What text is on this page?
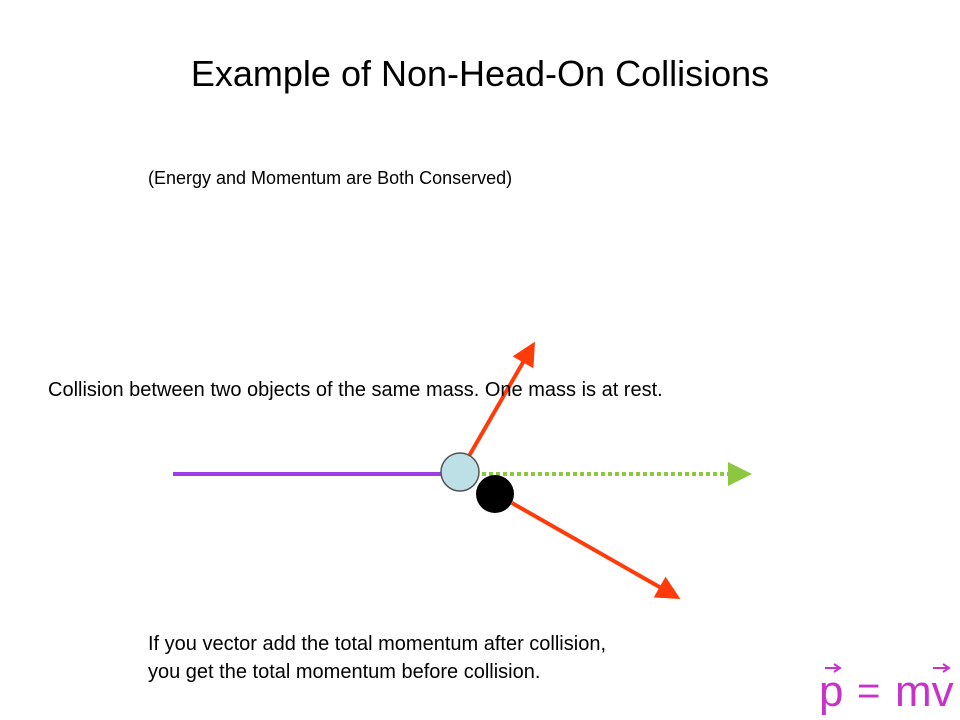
Example of Non-Head-On Collisions
(Energy and Momentum are Both Conserved)
Collision between two objects of the same mass. One mass is at rest.
If you vector add the total momentum after collision,
you get the total momentum before collision.	p = mv
